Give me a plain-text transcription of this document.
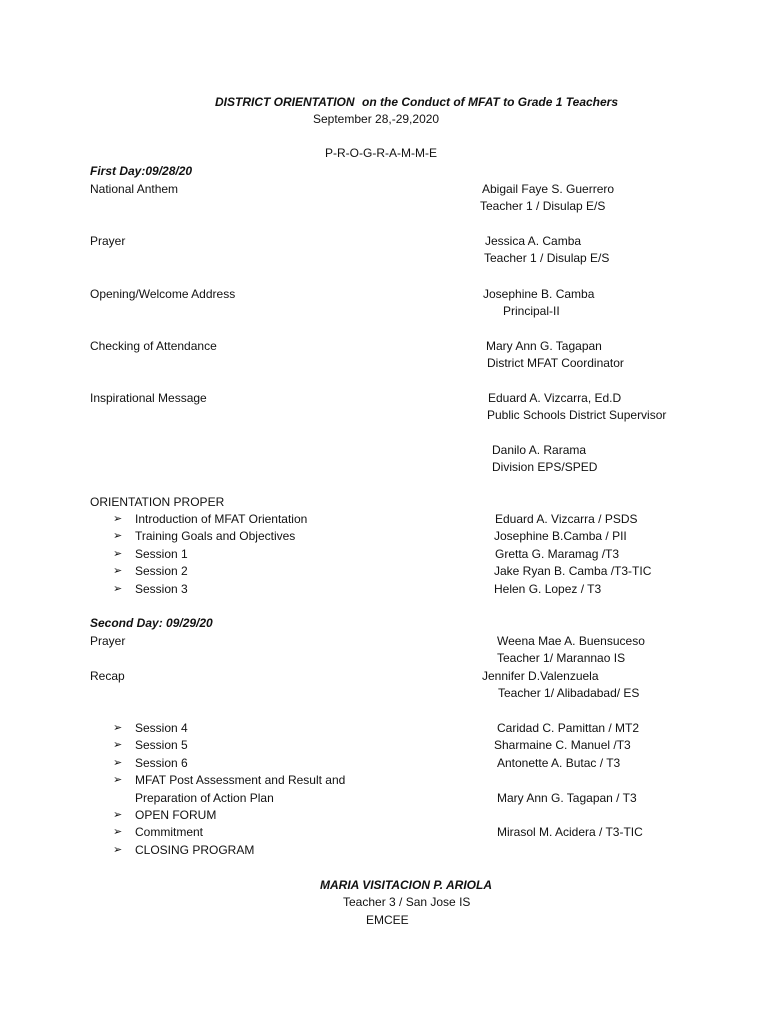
DISTRICT ORIENTATION on the Conduct of MFAT to Grade 1 Teachers
September 28,-29,2020
P-R-O-G-R-A-M-M-E
First Day:09/28/20
National Anthem	Abigail Faye S. Guerrero
Teacher 1 / Disulap E/S
Prayer	Jessica A. Camba
Teacher 1 / Disulap E/S
Opening/Welcome Address	Josephine B. Camba
Principal-II
Checking of Attendance	Mary Ann G. Tagapan
District MFAT Coordinator
Inspirational Message	Eduard A. Vizcarra, Ed.D
Public Schools District Supervisor
Danilo A. Rarama
Division EPS/SPED
ORIENTATION PROPER
➢ Introduction of MFAT Orientation	Eduard A. Vizcarra / PSDS
➢ Training Goals and Objectives	Josephine B.Camba / PII
➢ Session 1	Gretta G. Maramag /T3
➢ Session 2	Jake Ryan B. Camba /T3-TIC
➢ Session 3	Helen G. Lopez / T3
Second Day: 09/29/20
Prayer	Weena Mae A. Buensuceso
Teacher 1/ Marannao IS
Recap	Jennifer D.Valenzuela
Teacher 1/ Alibadabad/ ES
➢ Session 4	Caridad C. Pamittan / MT2
➢ Session 5	Sharmaine C. Manuel /T3
➢ Session 6	Antonette A. Butac / T3
➢ MFAT Post Assessment and Result and
Preparation of Action Plan	Mary Ann G. Tagapan / T3
➢ OPEN FORUM
➢ Commitment	Mirasol M. Acidera / T3-TIC
➢ CLOSING PROGRAM
MARIA VISITACION P. ARIOLA
Teacher 3 / San Jose IS
EMCEE
